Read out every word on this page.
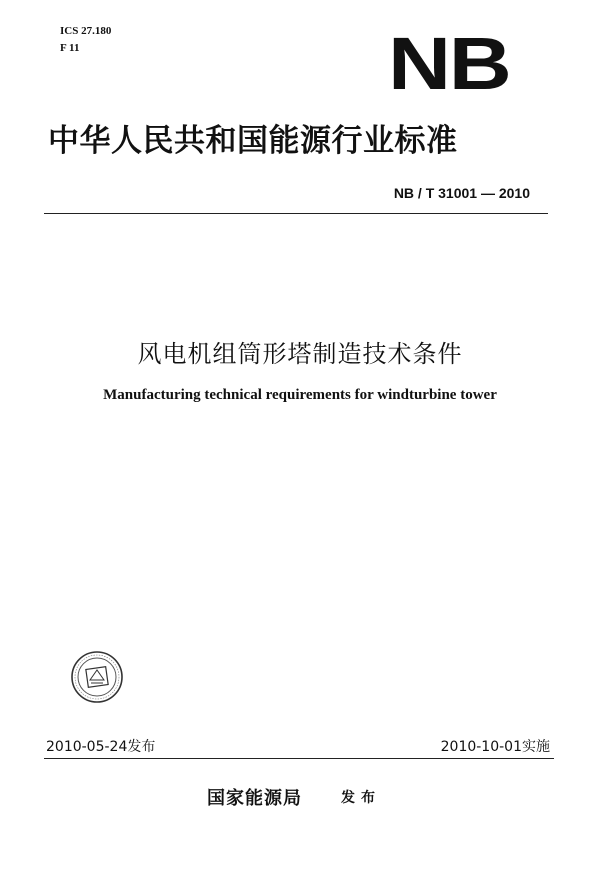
ICS 27.180
F 11	NB
中华人民共和国能源行业标准
NB / T 31001 — 2010
风电机组筒形塔制造技术条件
Manufacturing technical requirements for windturbine tower
2010-05-24发布	2010-10-01实施
国家能源局	发布
